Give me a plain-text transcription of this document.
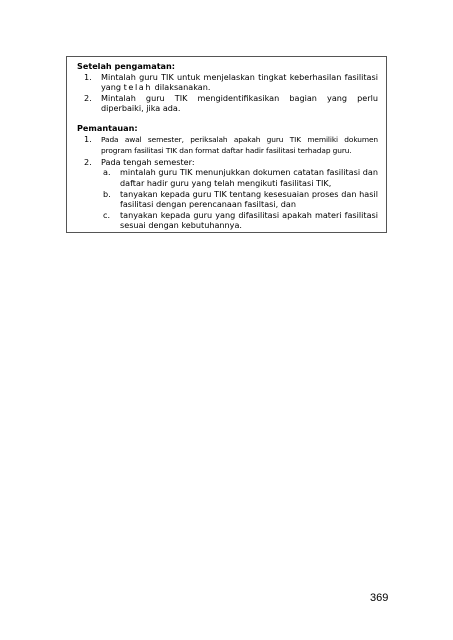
Setelah pengamatan:

1. Mintalah guru TIK untuk menjelaskan tingkat keberhasilan fasilitasi yang telah dilaksanakan.
2. Mintalah guru TIK mengidentifikasikan bagian yang perlu diperbaiki, jika ada.

Pemantauan:

1. Pada awal semester, periksalah apakah guru TIK memiliki dokumen program fasilitasi TIK dan format daftar hadir fasilitasi terhadap guru.
2. Pada tengah semester:
a. mintalah guru TIK menunjukkan dokumen catatan fasilitasi dan daftar hadir guru yang telah mengikuti fasilitasi TIK,
b. tanyakan kepada guru TIK tentang kesesuaian proses dan hasil fasilitasi dengan perencanaan fasiltasi, dan
c. tanyakan kepada guru yang difasilitasi apakah materi fasilitasi sesuai dengan kebutuhannya.
369
